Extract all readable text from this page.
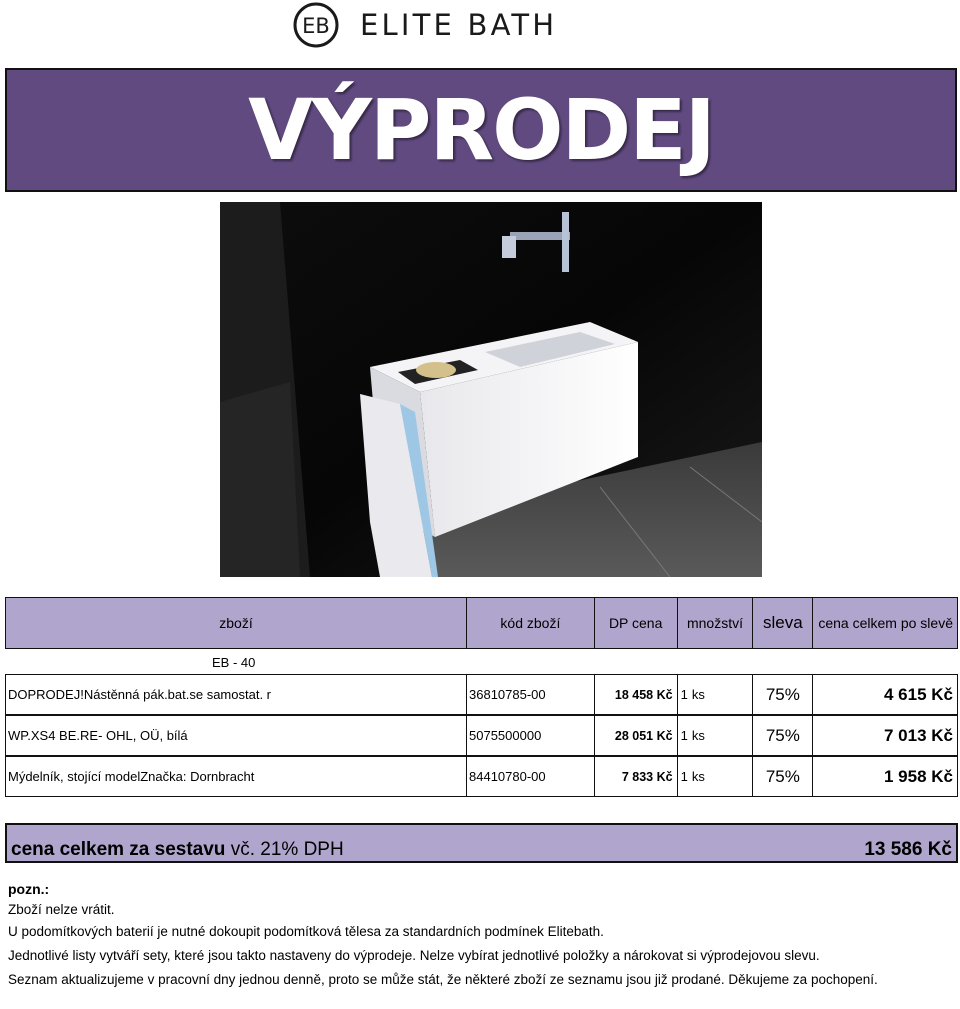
EB ELITE BATH
VÝPRODEJ
zboží	kód zboží	DP cena	množství	sleva	cena celkem po slevě
EB - 40
DOPRODEJ!Nástěnná pák.bat.se samostat. r	36810785-00	18 458 Kč 1 ks	75%	4 615 Kč
WP.XS4 BE.RE- OHL, OÜ, bílá	5075500000	28 051 Kč 1 ks	75%	7 013 Kč
Mýdelník, stojící modelZnačka: Dornbracht	84410780-00	7 833 Kč 1 ks	75%	1 958 Kč
cena celkem za sestavu vč. 21% DPH	13 586 Kč
pozn.:
Zboží nelze vrátit.
U podomítkových baterií je nutné dokoupit podomítková tělesa za standardních podmínek Elitebath.
Jednotlivé listy vytváří sety, které jsou takto nastaveny do výprodeje. Nelze vybírat jednotlivé položky a nárokovat si výprodejovou slevu.
Seznam aktualizujeme v pracovní dny jednou denně, proto se může stát, že některé zboží ze seznamu jsou již prodané. Děkujeme za pochopení.
